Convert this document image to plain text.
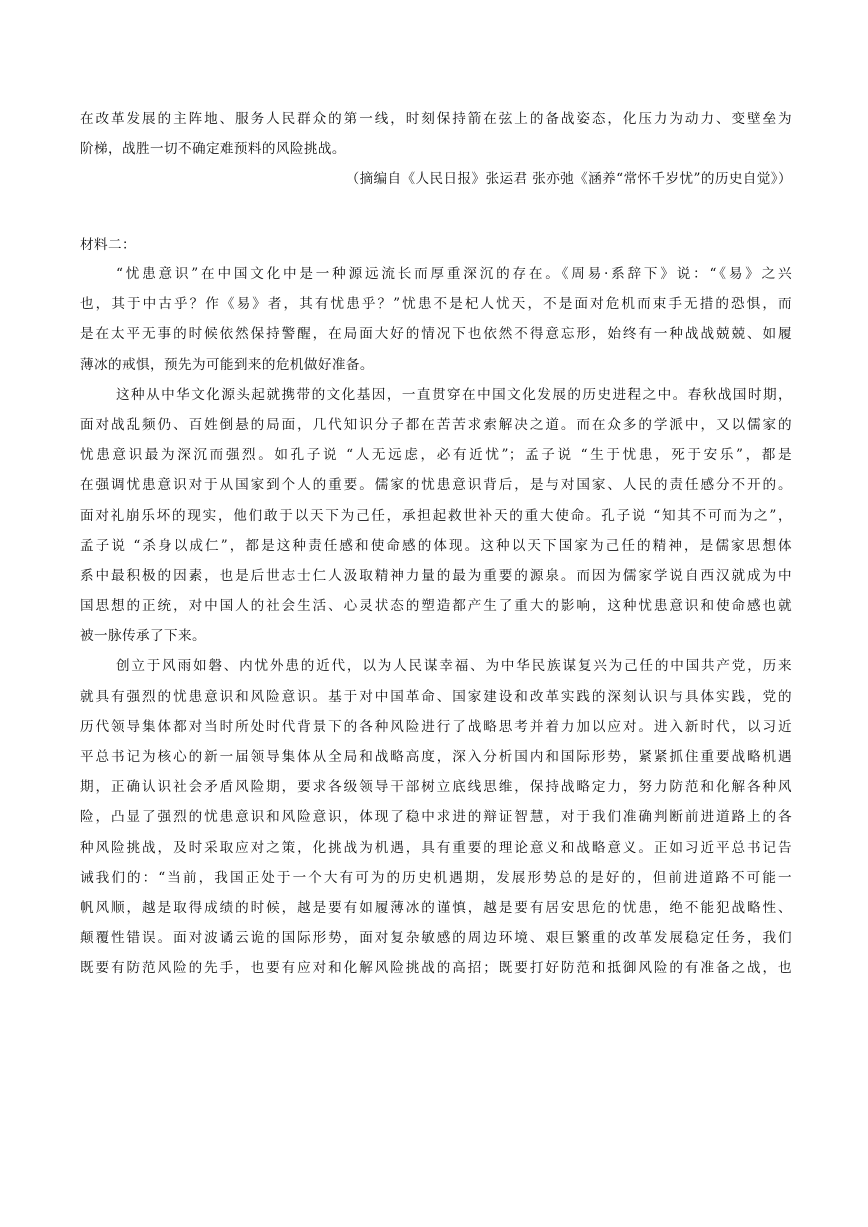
在改革发展的主阵地、服务人民群众的第一线，时刻保持箭在弦上的备战姿态，化压力为动力、变壁垒为
阶梯，战胜一切不确定难预料的风险挑战。
（摘编自《人民日报》张运君 张亦弛《涵养“常怀千岁忧”的历史自觉》）
材料二：
“忧患意识”在中国文化中是一种源远流长而厚重深沉的存在。《周易·系辞下》说：“《易》之兴
也，其于中古乎？作《易》者，其有忧患乎？”忧患不是杞人忧天，不是面对危机而束手无措的恐惧，而
是在太平无事的时候依然保持警醒，在局面大好的情况下也依然不得意忘形，始终有一种战战兢兢、如履
薄冰的戒惧，预先为可能到来的危机做好准备。
这种从中华文化源头起就携带的文化基因，一直贯穿在中国文化发展的历史进程之中。春秋战国时期，
面对战乱频仍、百姓倒悬的局面，几代知识分子都在苦苦求索解决之道。而在众多的学派中，又以儒家的
忧患意识最为深沉而强烈。如孔子说 “人无远虑，必有近忧”；孟子说 “生于忧患，死于安乐”，都是
在强调忧患意识对于从国家到个人的重要。儒家的忧患意识背后，是与对国家、人民的责任感分不开的。
面对礼崩乐坏的现实，他们敢于以天下为己任，承担起救世补天的重大使命。孔子说 “知其不可而为之”，
孟子说 “杀身以成仁”，都是这种责任感和使命感的体现。这种以天下国家为己任的精神，是儒家思想体
系中最积极的因素，也是后世志士仁人汲取精神力量的最为重要的源泉。而因为儒家学说自西汉就成为中
国思想的正统，对中国人的社会生活、心灵状态的塑造都产生了重大的影响，这种忧患意识和使命感也就
被一脉传承了下来。
创立于风雨如磐、内忧外患的近代，以为人民谋幸福、为中华民族谋复兴为己任的中国共产党，历来
就具有强烈的忧患意识和风险意识。基于对中国革命、国家建设和改革实践的深刻认识与具体实践，党的
历代领导集体都对当时所处时代背景下的各种风险进行了战略思考并着力加以应对。进入新时代，以习近
平总书记为核心的新一届领导集体从全局和战略高度，深入分析国内和国际形势，紧紧抓住重要战略机遇
期，正确认识社会矛盾风险期，要求各级领导干部树立底线思维，保持战略定力，努力防范和化解各种风
险，凸显了强烈的忧患意识和风险意识，体现了稳中求进的辩证智慧，对于我们准确判断前进道路上的各
种风险挑战，及时采取应对之策，化挑战为机遇，具有重要的理论意义和战略意义。正如习近平总书记告
诫我们的：“当前，我国正处于一个大有可为的历史机遇期，发展形势总的是好的，但前进道路不可能一
帆风顺，越是取得成绩的时候，越是要有如履薄冰的谨慎，越是要有居安思危的忧患，绝不能犯战略性、
颠覆性错误。面对波谲云诡的国际形势，面对复杂敏感的周边环境、艰巨繁重的改革发展稳定任务，我们
既要有防范风险的先手，也要有应对和化解风险挑战的高招；既要打好防范和抵御风险的有准备之战，也
